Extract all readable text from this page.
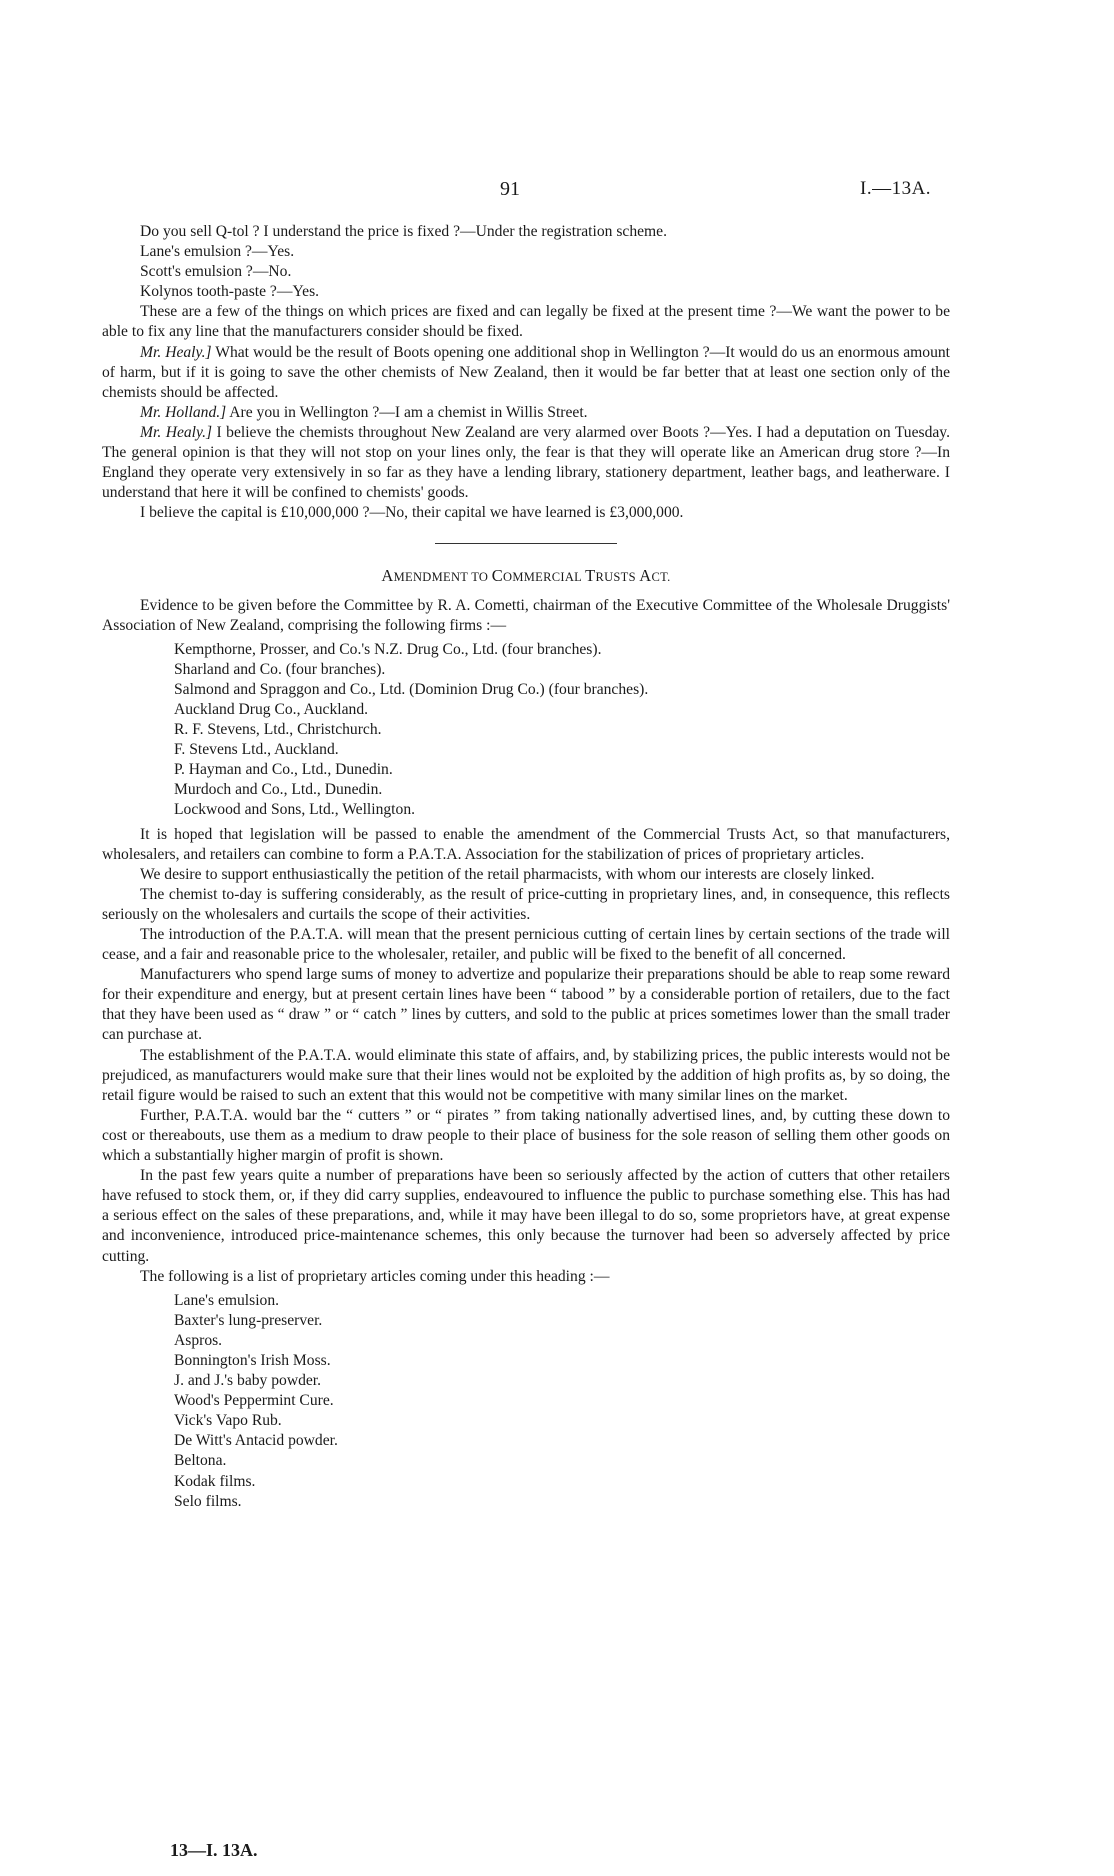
91	I.—13A.

Do you sell Q-tol ? I understand the price is fixed ?—Under the registration scheme.

Lane's emulsion ?—Yes.

Scott's emulsion ?—No.

Kolynos tooth-paste ?—Yes.

These are a few of the things on which prices are fixed and can legally be fixed at the present time ?—We want the power to be able to fix any line that the manufacturers consider should be fixed.

Mr. Healy.] What would be the result of Boots opening one additional shop in Wellington ?—It would do us an enormous amount of harm, but if it is going to save the other chemists of New Zealand, then it would be far better that at least one section only of the chemists should be affected.

Mr. Holland.] Are you in Wellington ?—I am a chemist in Willis Street.

Mr. Healy.] I believe the chemists throughout New Zealand are very alarmed over Boots ?—Yes. I had a deputation on Tuesday. The general opinion is that they will not stop on your lines only, the fear is that they will operate like an American drug store ?—In England they operate very extensively in so far as they have a lending library, stationery department, leather bags, and leatherware. I understand that here it will be confined to chemists' goods.

I believe the capital is £10,000,000 ?—No, their capital we have learned is £3,000,000.

AMENDMENT TO COMMERCIAL TRUSTS ACT.

Evidence to be given before the Committee by R. A. Cometti, chairman of the Executive Committee of the Wholesale Druggists' Association of New Zealand, comprising the following firms :—

Kempthorne, Prosser, and Co.'s N.Z. Drug Co., Ltd. (four branches).
Sharland and Co. (four branches).
Salmond and Spraggon and Co., Ltd. (Dominion Drug Co.) (four branches).
Auckland Drug Co., Auckland.
R. F. Stevens, Ltd., Christchurch.
F. Stevens Ltd., Auckland.
P. Hayman and Co., Ltd., Dunedin.
Murdoch and Co., Ltd., Dunedin.
Lockwood and Sons, Ltd., Wellington.

It is hoped that legislation will be passed to enable the amendment of the Commercial Trusts Act, so that manufacturers, wholesalers, and retailers can combine to form a P.A.T.A. Association for the stabilization of prices of proprietary articles.

We desire to support enthusiastically the petition of the retail pharmacists, with whom our interests are closely linked.

The chemist to-day is suffering considerably, as the result of price-cutting in proprietary lines, and, in consequence, this reflects seriously on the wholesalers and curtails the scope of their activities.

The introduction of the P.A.T.A. will mean that the present pernicious cutting of certain lines by certain sections of the trade will cease, and a fair and reasonable price to the wholesaler, retailer, and public will be fixed to the benefit of all concerned.

Manufacturers who spend large sums of money to advertize and popularize their preparations should be able to reap some reward for their expenditure and energy, but at present certain lines have been “ tabood ” by a considerable portion of retailers, due to the fact that they have been used as “ draw ” or “ catch ” lines by cutters, and sold to the public at prices sometimes lower than the small trader can purchase at.

The establishment of the P.A.T.A. would eliminate this state of affairs, and, by stabilizing prices, the public interests would not be prejudiced, as manufacturers would make sure that their lines would not be exploited by the addition of high profits as, by so doing, the retail figure would be raised to such an extent that this would not be competitive with many similar lines on the market.

Further, P.A.T.A. would bar the “ cutters ” or “ pirates ” from taking nationally advertised lines, and, by cutting these down to cost or thereabouts, use them as a medium to draw people to their place of business for the sole reason of selling them other goods on which a substantially higher margin of profit is shown.

In the past few years quite a number of preparations have been so seriously affected by the action of cutters that other retailers have refused to stock them, or, if they did carry supplies, endeavoured to influence the public to purchase something else. This has had a serious effect on the sales of these preparations, and, while it may have been illegal to do so, some proprietors have, at great expense and inconvenience, introduced price-maintenance schemes, this only because the turnover had been so adversely affected by price cutting.

The following is a list of proprietary articles coming under this heading :—

Lane's emulsion.
Baxter's lung-preserver.
Aspros.
Bonnington's Irish Moss.
J. and J.'s baby powder.
Wood's Peppermint Cure.
Vick's Vapo Rub.
De Witt's Antacid powder.
Beltona.
Kodak films.
Selo films.
13—I. 13A.
